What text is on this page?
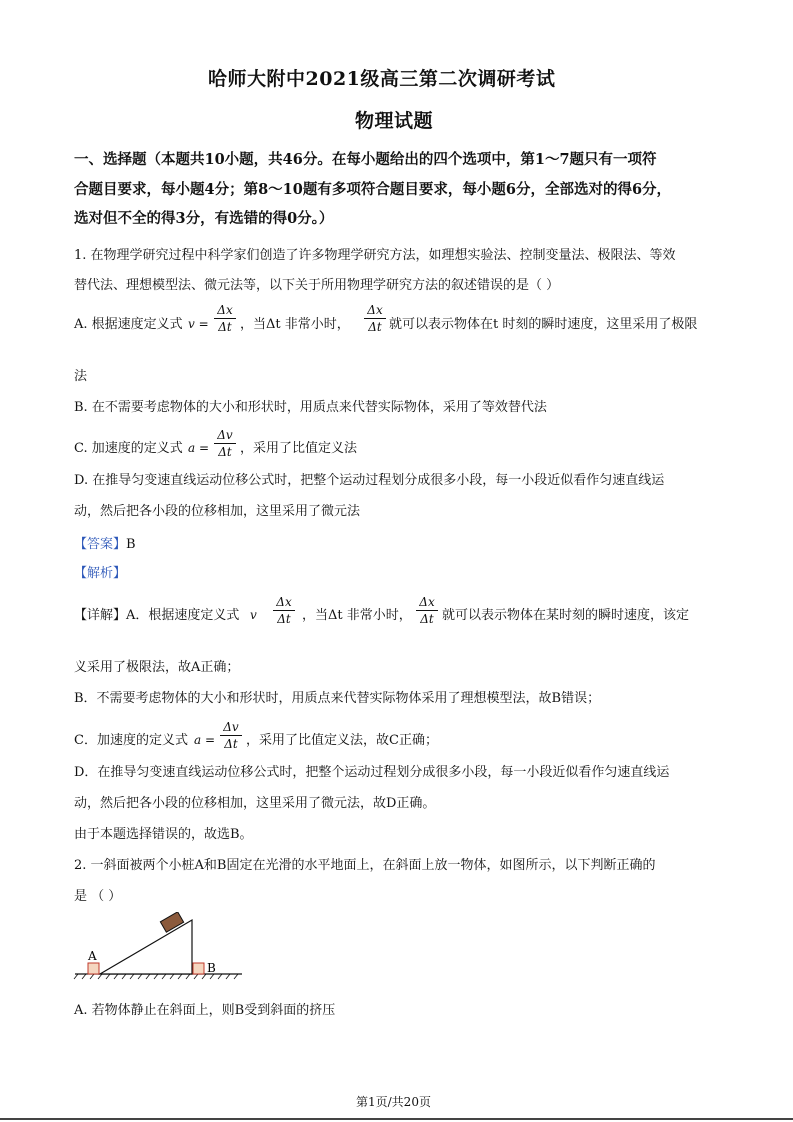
哈师大附中2021级高三第二次调研考试
物理试题
一、选择题（本题共10小题，共46分。在每小题给出的四个选项中，第1～7题只有一项符
合题目要求，每小题4分；第8～10题有多项符合题目要求，每小题6分，全部选对的得6分，
选对但不全的得3分，有选错的得0分。）
1. 在物理学研究过程中科学家们创造了许多物理学研究方法，如理想实验法、控制变量法、极限法、等效
替代法、理想模型法、微元法等，以下关于所用物理学研究方法的叙述错误的是（ ）
A. 根据速度定义式 v =
Δx
Δt ，当Δt 非常小时，
Δx
Δt 就可以表示物体在t 时刻的瞬时速度，这里采用了极限
法
B. 在不需要考虑物体的大小和形状时，用质点来代替实际物体，采用了等效替代法
C. 加速度的定义式 a =
Δv
Δt ，采用了比值定义法
D. 在推导匀变速直线运动位移公式时，把整个运动过程划分成很多小段，每一小段近似看作匀速直线运
动，然后把各小段的位移相加，这里采用了微元法
【答案】B
【解析】
【详解】A．根据速度定义式 v
Δx
Δt ，当Δt 非常小时，
Δx
Δt 就可以表示物体在某时刻的瞬时速度，该定
义采用了极限法，故A正确；
B．不需要考虑物体的大小和形状时，用质点来代替实际物体采用了理想模型法，故B错误；
C．加速度的定义式 a =
Δv
Δt ，采用了比值定义法，故C正确；
D．在推导匀变速直线运动位移公式时，把整个运动过程划分成很多小段，每一小段近似看作匀速直线运
动，然后把各小段的位移相加，这里采用了微元法，故D正确。
由于本题选择错误的，故选B。
2. 一斜面被两个小桩A和B固定在光滑的水平地面上，在斜面上放一物体，如图所示，以下判断正确的
是 （ ）
A
B
A. 若物体静止在斜面上，则B受到斜面的挤压
第1页/共20页
